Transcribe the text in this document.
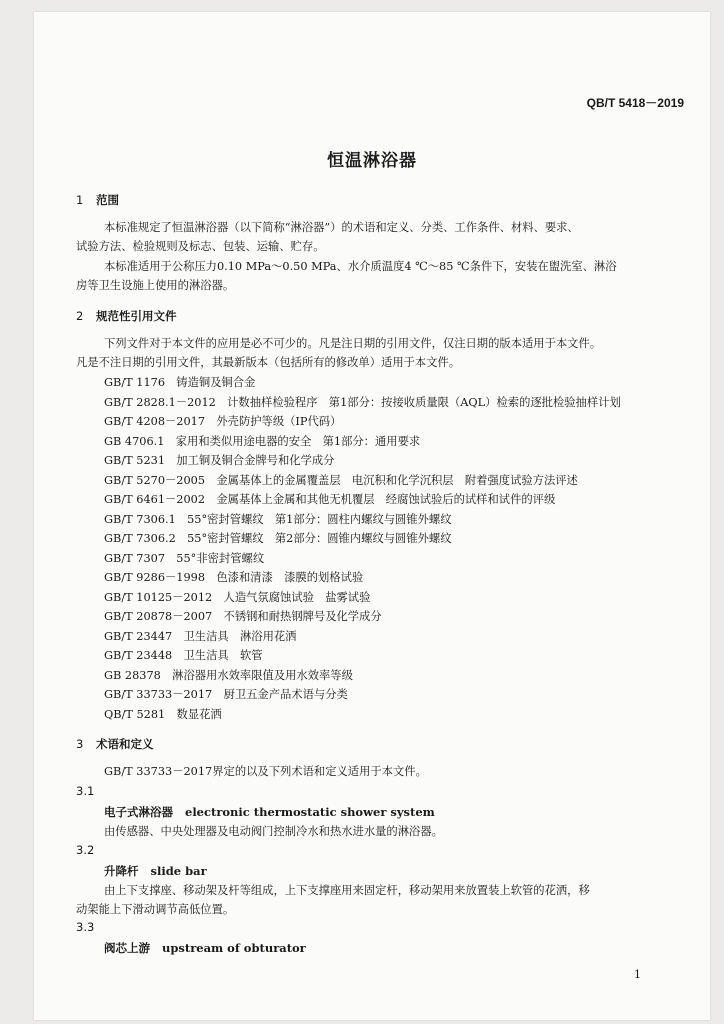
QB/T 5418－2019
恒温淋浴器
1 范围
本标准规定了恒温淋浴器（以下简称“淋浴器”）的术语和定义、分类、工作条件、材料、要求、
试验方法、检验规则及标志、包装、运输、贮存。
本标准适用于公称压力0.10 MPa～0.50 MPa、水介质温度4 ℃～85 ℃条件下，安装在盥洗室、淋浴
房等卫生设施上使用的淋浴器。
2 规范性引用文件
下列文件对于本文件的应用是必不可少的。凡是注日期的引用文件，仅注日期的版本适用于本文件。
凡是不注日期的引用文件，其最新版本（包括所有的修改单）适用于本文件。
GB/T 1176　铸造铜及铜合金
GB/T 2828.1－2012　计数抽样检验程序　第1部分：按接收质量限（AQL）检索的逐批检验抽样计划
GB/T 4208－2017　外壳防护等级（IP代码）
GB 4706.1　家用和类似用途电器的安全　第1部分：通用要求
GB/T 5231　加工铜及铜合金牌号和化学成分
GB/T 5270－2005　金属基体上的金属覆盖层　电沉积和化学沉积层　附着强度试验方法评述
GB/T 6461－2002　金属基体上金属和其他无机覆层　经腐蚀试验后的试样和试件的评级
GB/T 7306.1　55°密封管螺纹　第1部分：圆柱内螺纹与圆锥外螺纹
GB/T 7306.2　55°密封管螺纹　第2部分：圆锥内螺纹与圆锥外螺纹
GB/T 7307　55°非密封管螺纹
GB/T 9286－1998　色漆和清漆　漆膜的划格试验
GB/T 10125－2012　人造气氛腐蚀试验　盐雾试验
GB/T 20878－2007　不锈钢和耐热钢牌号及化学成分
GB/T 23447　卫生洁具　淋浴用花洒
GB/T 23448　卫生洁具　软管
GB 28378　淋浴器用水效率限值及用水效率等级
GB/T 33733－2017　厨卫五金产品术语与分类
QB/T 5281　数显花洒
3 术语和定义
GB/T 33733－2017界定的以及下列术语和定义适用于本文件。
3.1
电子式淋浴器 electronic thermostatic shower system
由传感器、中央处理器及电动阀门控制冷水和热水进水量的淋浴器。
3.2
升降杆 slide bar
由上下支撑座、移动架及杆等组成，上下支撑座用来固定杆，移动架用来放置装上软管的花洒，移
动架能上下滑动调节高低位置。
3.3
阀芯上游 upstream of obturator
1
